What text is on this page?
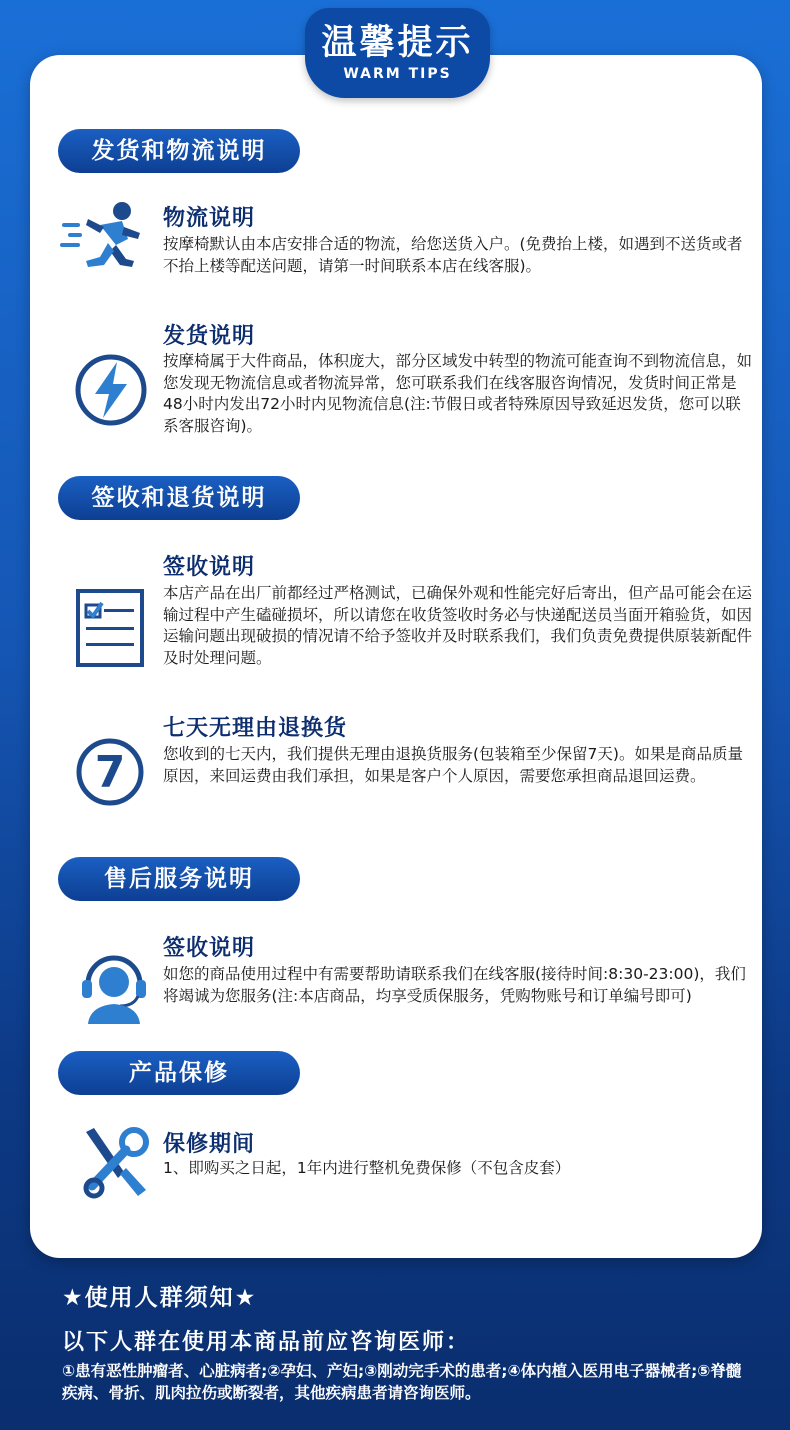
温馨提示
WARM TIPS
发货和物流说明
物流说明
按摩椅默认由本店安排合适的物流，给您送货入户。(免费抬上楼，如遇到不送货或者不抬上楼等配送问题，请第一时间联系本店在线客服)。
发货说明
按摩椅属于大件商品，体积庞大，部分区域发中转型的物流可能查询不到物流信息，如您发现无物流信息或者物流异常，您可联系我们在线客服咨询情况，发货时间正常是48小时内发出72小时内见物流信息(注:节假日或者特殊原因导致延迟发货，您可以联系客服咨询)。
签收和退货说明
签收说明
本店产品在出厂前都经过严格测试，已确保外观和性能完好后寄出，但产品可能会在运输过程中产生磕碰损坏，所以请您在收货签收时务必与快递配送员当面开箱验货，如因运输问题出现破损的情况请不给予签收并及时联系我们，我们负责免费提供原装新配件及时处理问题。
7
七天无理由退换货
您收到的七天内，我们提供无理由退换货服务(包装箱至少保留7天)。如果是商品质量原因，来回运费由我们承担，如果是客户个人原因，需要您承担商品退回运费。
售后服务说明
签收说明
如您的商品使用过程中有需要帮助请联系我们在线客服(接待时间:8:30-23:00)，我们将竭诚为您服务(注:本店商品，均享受质保服务，凭购物账号和订单编号即可)
产品保修
保修期间
1、即购买之日起，1年内进行整机免费保修（不包含皮套）
★使用人群须知★
以下人群在使用本商品前应咨询医师：
①患有恶性肿瘤者、心脏病者;②孕妇、产妇;③刚动完手术的患者;④体内植入医用电子器械者;⑤脊髓疾病、骨折、肌肉拉伤或断裂者，其他疾病患者请咨询医师。
